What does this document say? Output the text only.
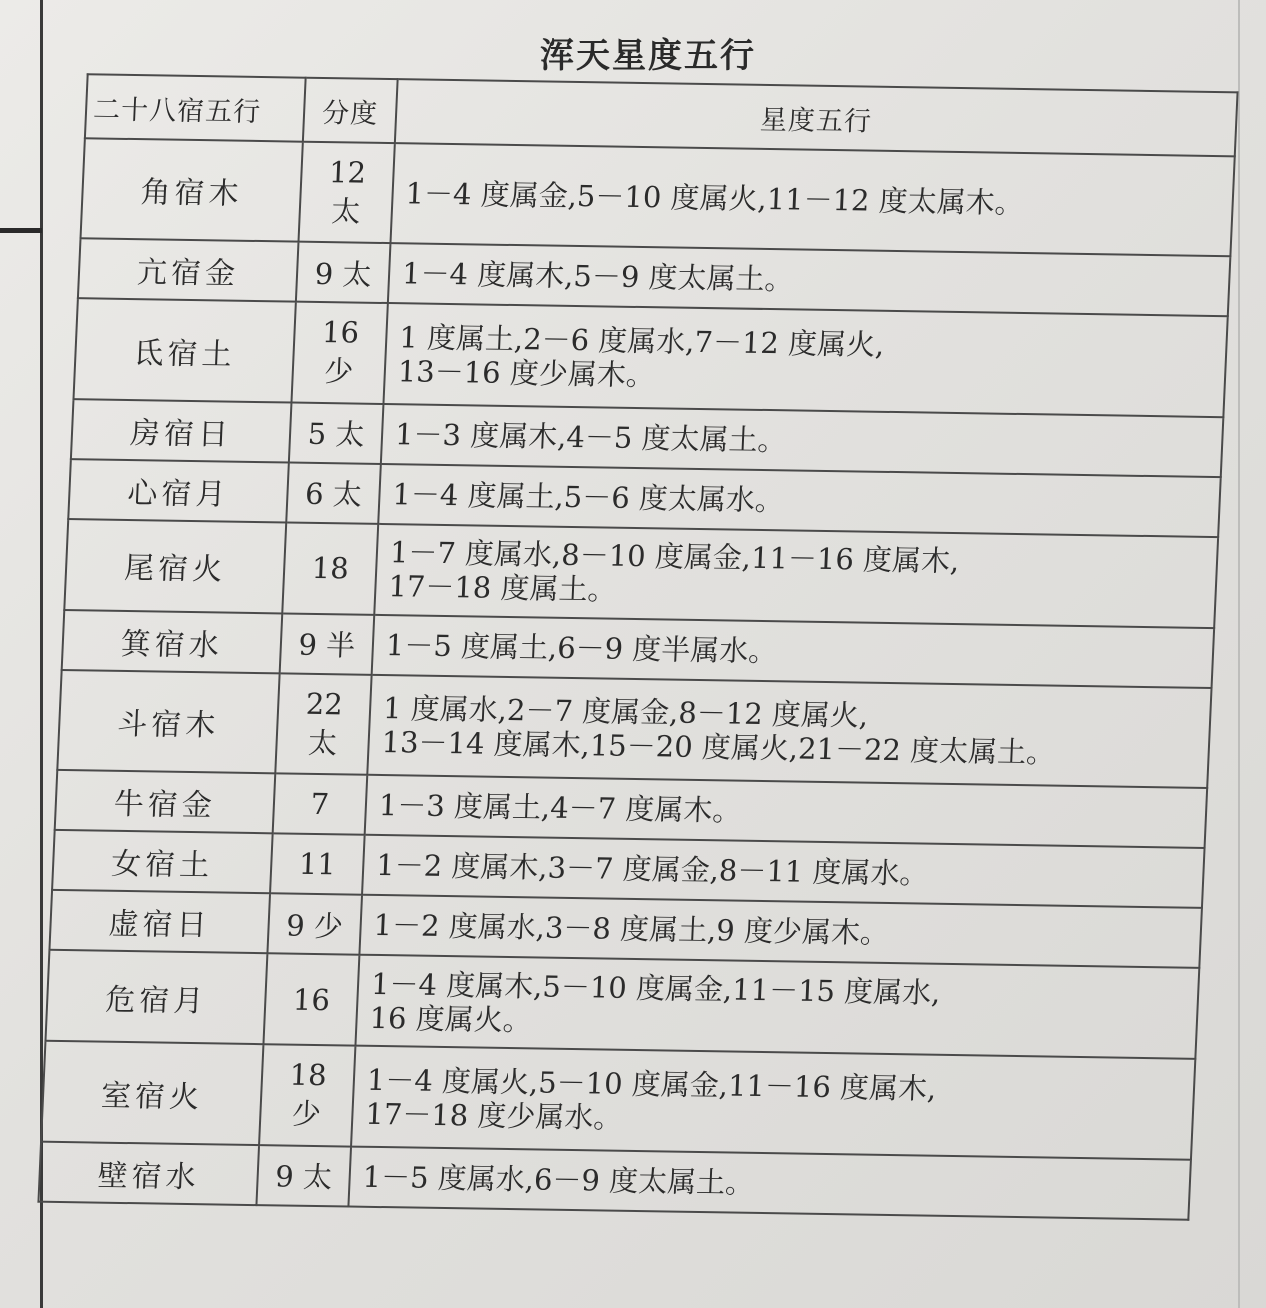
浑天星度五行
二十八宿五行	分度	星度五行
角宿木	12 太	1－4 度属金,5－10 度属火,11－12 度太属木。

亢宿金	9 太	1－4 度属木,5－9 度太属土。

氐宿土	16 少	1 度属土,2－6 度属水,7－12 度属火,
13－16 度少属木。

房宿日	5 太	1－3 度属木,4－5 度太属土。

心宿月	6 太	1－4 度属土,5－6 度太属水。

尾宿火	18	1－7 度属水,8－10 度属金,11－16 度属木,
17－18 度属土。

箕宿水	9 半	1－5 度属土,6－9 度半属水。

斗宿木	22 太	1 度属水,2－7 度属金,8－12 度属火,
13－14 度属木,15－20 度属火,21－22 度太属土。

牛宿金	7	1－3 度属土,4－7 度属木。

女宿土	11	1－2 度属木,3－7 度属金,8－11 度属水。

虚宿日	9 少	1－2 度属水,3－8 度属土,9 度少属木。

危宿月	16	1－4 度属木,5－10 度属金,11－15 度属水,
16 度属火。

室宿火	18 少	1－4 度属火,5－10 度属金,11－16 度属木,
17－18 度少属水。

壁宿水	9 太	1－5 度属水,6－9 度太属土。
